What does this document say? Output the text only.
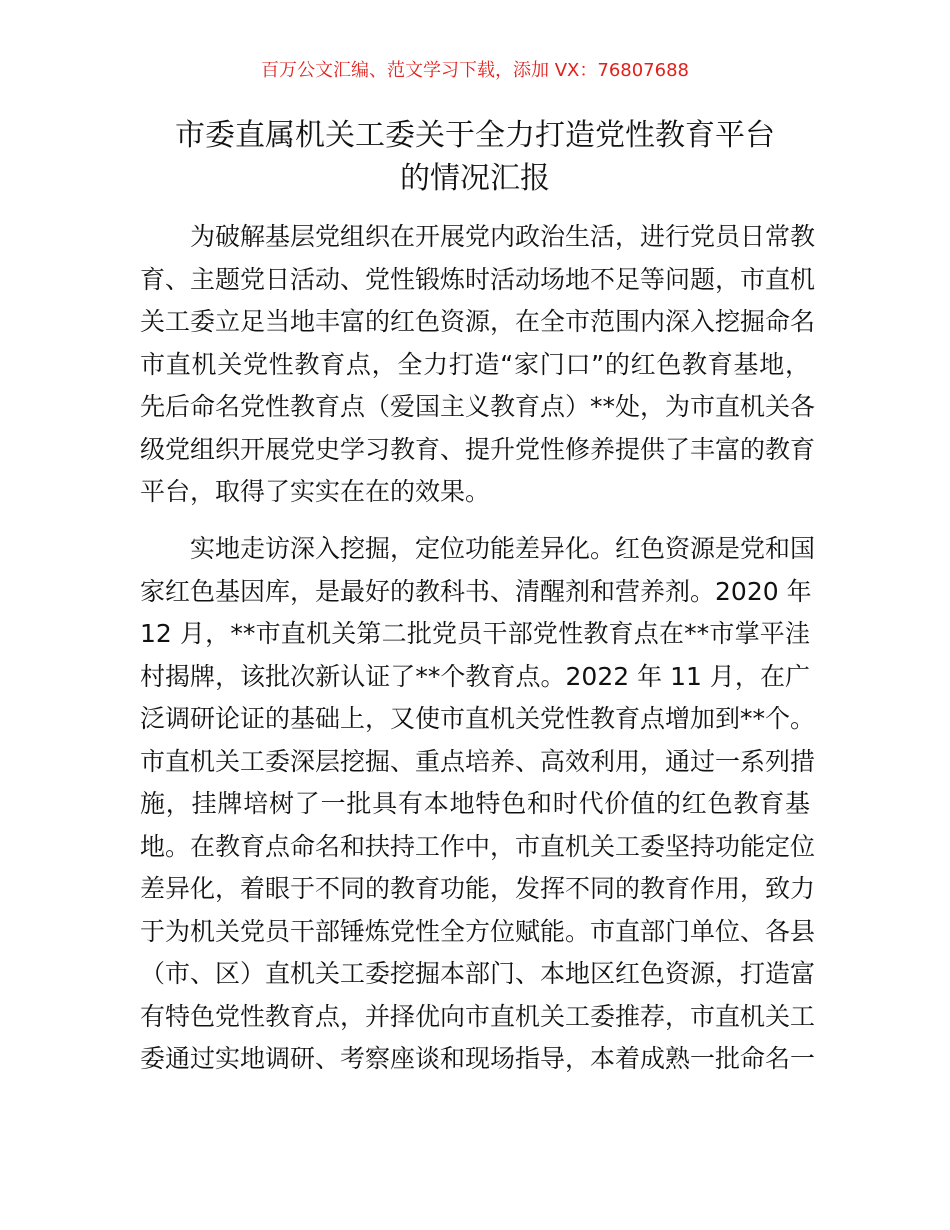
百万公文汇编、范文学习下载，添加 VX：76807688
市委直属机关工委关于全力打造党性教育平台
的情况汇报
为破解基层党组织在开展党内政治生活，进行党员日常教
育、主题党日活动、党性锻炼时活动场地不足等问题，市直机
关工委立足当地丰富的红色资源，在全市范围内深入挖掘命名
市直机关党性教育点，全力打造“家门口”的红色教育基地，
先后命名党性教育点（爱国主义教育点）**处，为市直机关各
级党组织开展党史学习教育、提升党性修养提供了丰富的教育
平台，取得了实实在在的效果。
实地走访深入挖掘，定位功能差异化。红色资源是党和国
家红色基因库，是最好的教科书、清醒剂和营养剂。2020 年
12 月，**市直机关第二批党员干部党性教育点在**市掌平洼
村揭牌，该批次新认证了**个教育点。2022 年 11 月，在广
泛调研论证的基础上，又使市直机关党性教育点增加到**个。
市直机关工委深层挖掘、重点培养、高效利用，通过一系列措
施，挂牌培树了一批具有本地特色和时代价值的红色教育基
地。在教育点命名和扶持工作中，市直机关工委坚持功能定位
差异化，着眼于不同的教育功能，发挥不同的教育作用，致力
于为机关党员干部锤炼党性全方位赋能。市直部门单位、各县
（市、区）直机关工委挖掘本部门、本地区红色资源，打造富
有特色党性教育点，并择优向市直机关工委推荐，市直机关工
委通过实地调研、考察座谈和现场指导，本着成熟一批命名一
